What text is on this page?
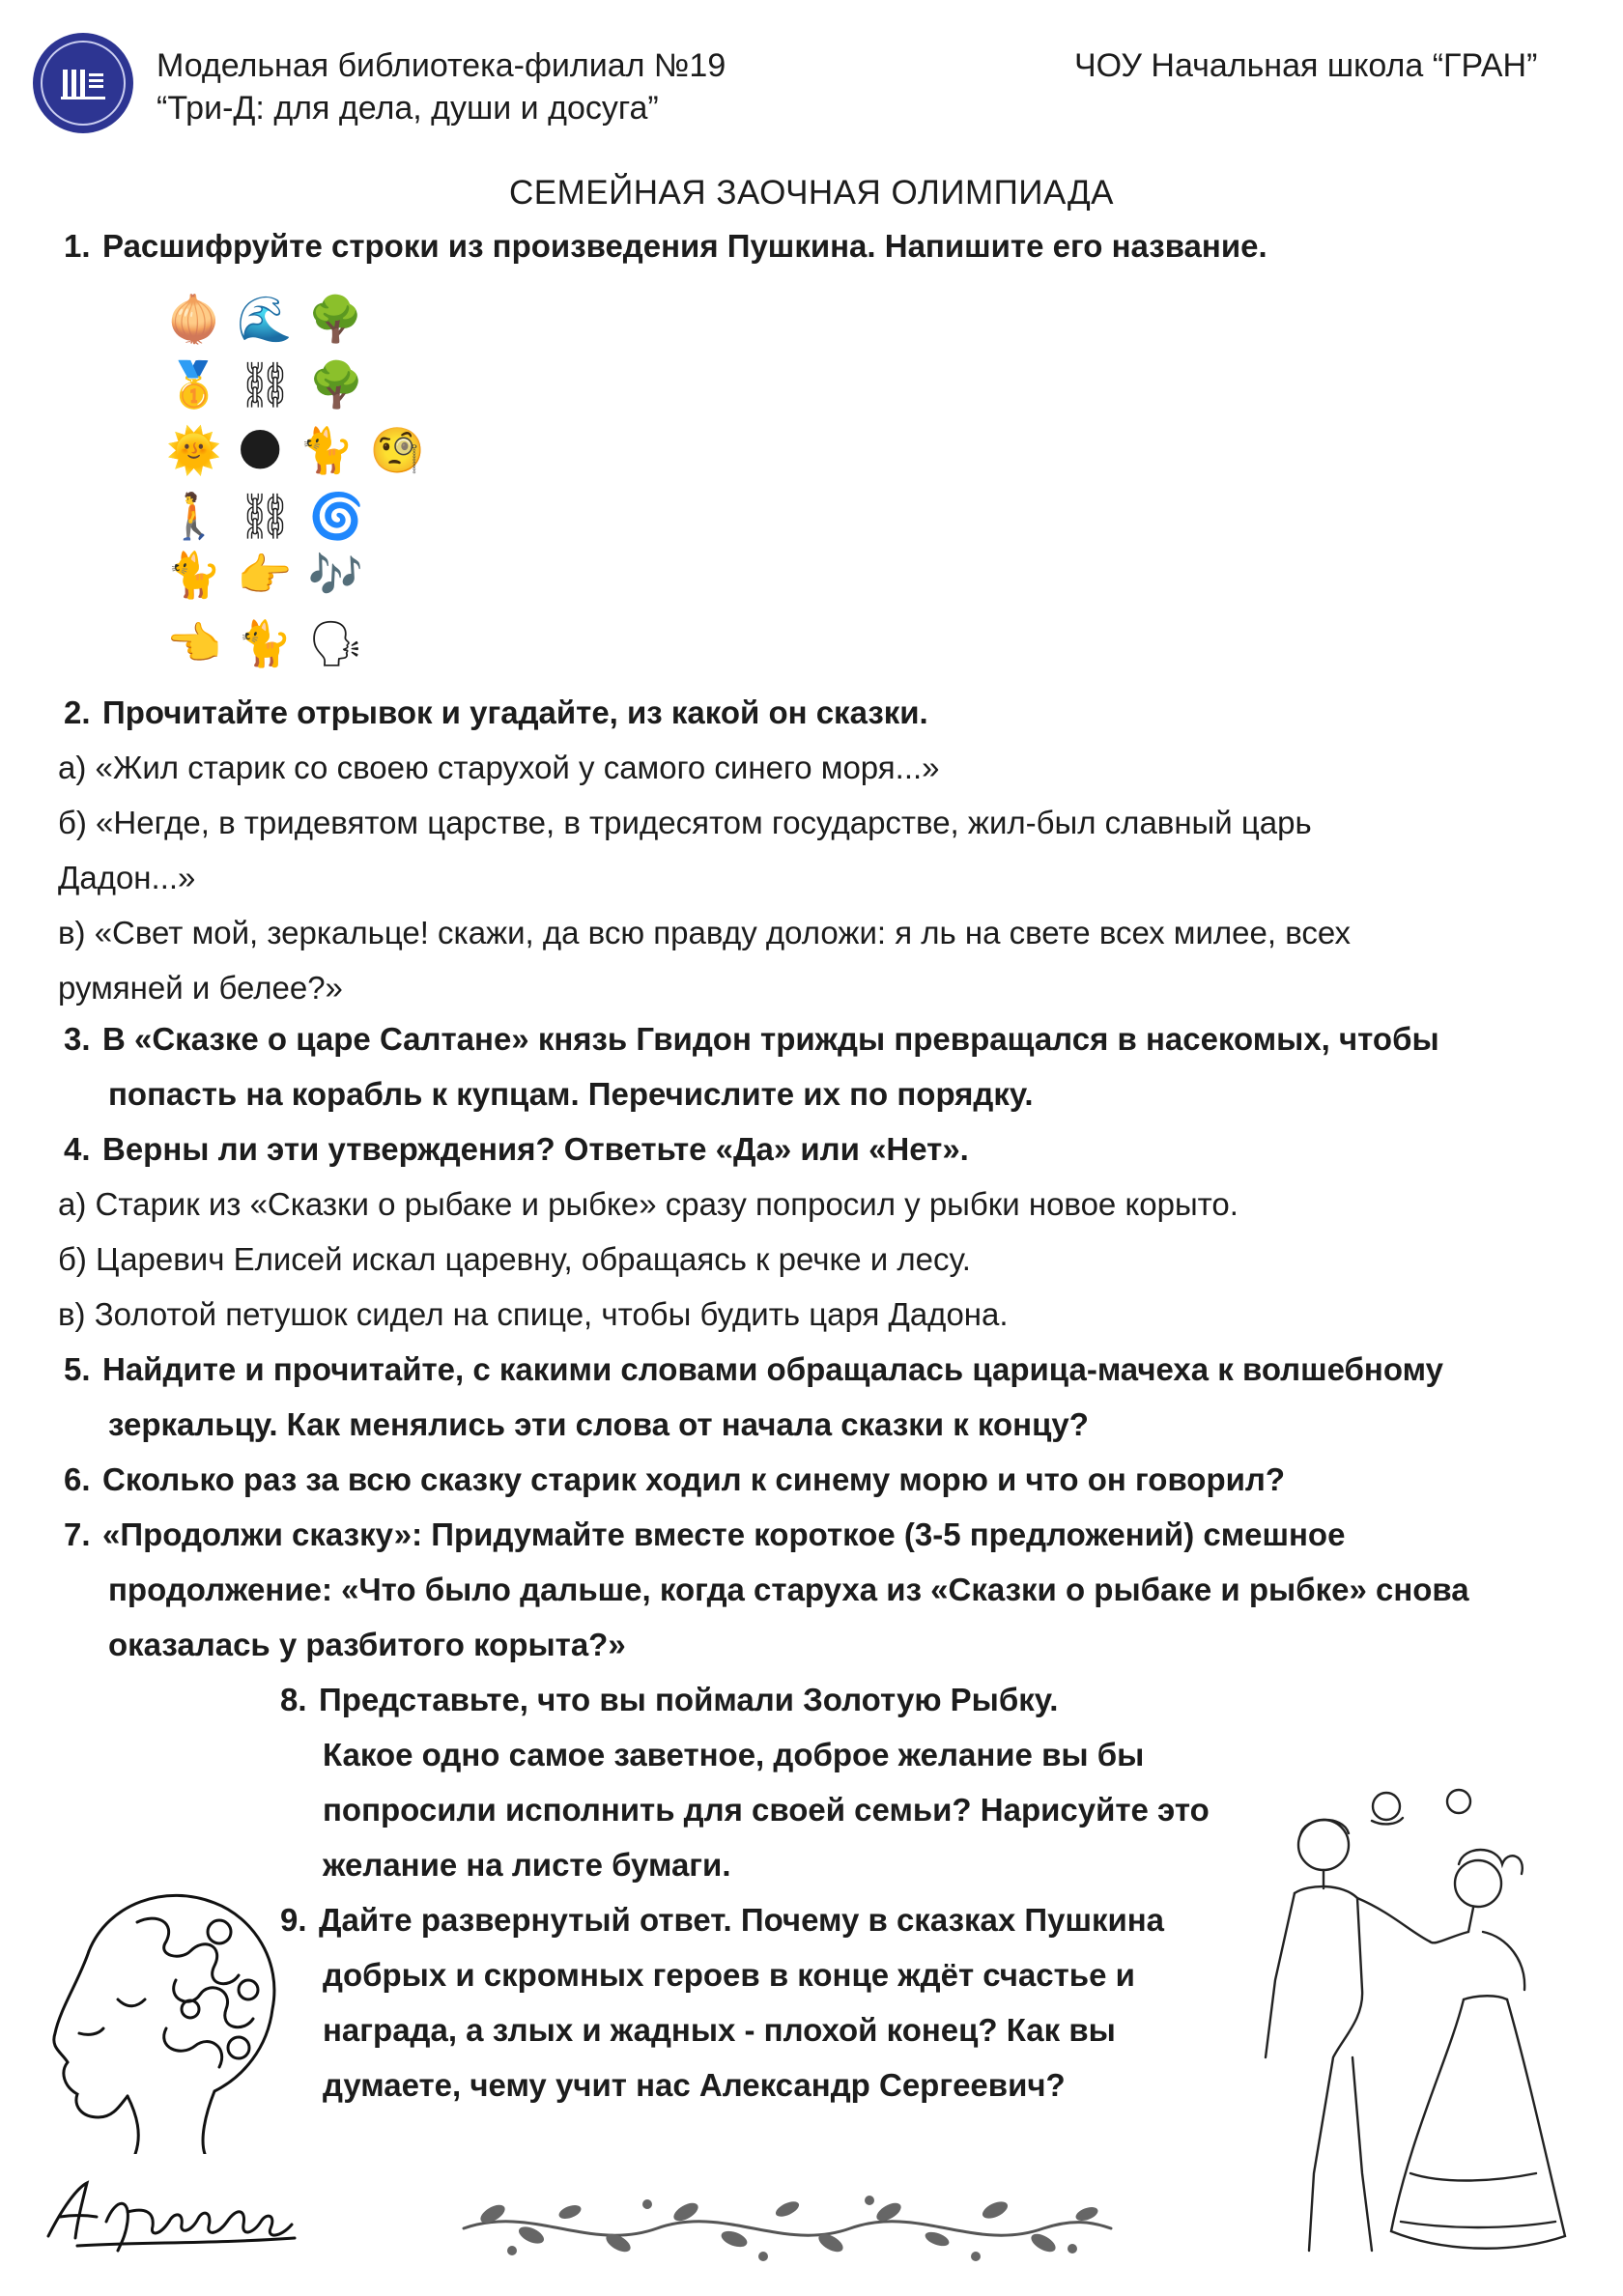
Модельная библиотека-филиал №19
“Три-Д: для дела, души и досуга”
ЧОУ Начальная школа “ГРАН”
СЕМЕЙНАЯ ЗАОЧНАЯ ОЛИМПИАДА
1. Расшифруйте строки из произведения Пушкина. Напишите его название.
🧅🌊🌳
🥇⛓🌳
🌞🌑🐈🧐
🚶⛓🌀
🐈👉🎶
👈🐈🗣
2. Прочитайте отрывок и угадайте, из какой он сказки.
а) «Жил старик со своею старухой у самого синего моря...»
б) «Негде, в тридевятом царстве, в тридесятом государстве, жил-был славный царь
Дадон...»
в) «Свет мой, зеркальце! скажи, да всю правду доложи: я ль на свете всех милее, всех
румяней и белее?»
3. В «Сказке о царе Салтане» князь Гвидон трижды превращался в насекомых, чтобы
попасть на корабль к купцам. Перечислите их по порядку.
4. Верны ли эти утверждения? Ответьте «Да» или «Нет».
а) Старик из «Сказки о рыбаке и рыбке» сразу попросил у рыбки новое корыто.
б) Царевич Елисей искал царевну, обращаясь к речке и лесу.
в) Золотой петушок сидел на спице, чтобы будить царя Дадона.
5. Найдите и прочитайте, с какими словами обращалась царица-мачеха к волшебному
зеркальцу. Как менялись эти слова от начала сказки к концу?
6. Сколько раз за всю сказку старик ходил к синему морю и что он говорил?
7. «Продолжи сказку»: Придумайте вместе короткое (3-5 предложений) смешное
продолжение: «Что было дальше, когда старуха из «Сказки о рыбаке и рыбке» снова
оказалась у разбитого корыта?»
8. Представьте, что вы поймали Золотую Рыбку.
Какое одно самое заветное, доброе желание вы бы
попросили исполнить для своей семьи? Нарисуйте это
желание на листе бумаги.
9. Дайте развернутый ответ. Почему в сказках Пушкина
добрых и скромных героев в конце ждёт счастье и
награда, а злых и жадных - плохой конец? Как вы
думаете, чему учит нас Александр Сергеевич?
